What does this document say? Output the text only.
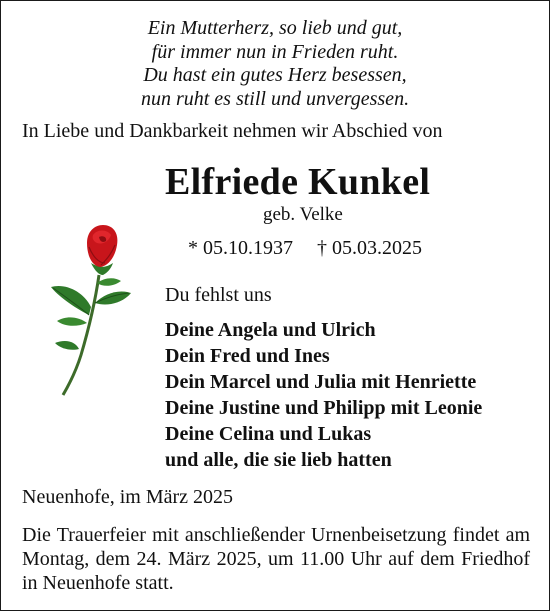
Ein Mutterherz, so lieb und gut,
für immer nun in Frieden ruht.
Du hast ein gutes Herz besessen,
nun ruht es still und unvergessen.
In Liebe und Dankbarkeit nehmen wir Abschied von
Elfriede Kunkel
geb. Velke
* 05.10.1937 † 05.03.2025
Du fehlst uns
Deine Angela und Ulrich
Dein Fred und Ines
Dein Marcel und Julia mit Henriette
Deine Justine und Philipp mit Leonie
Deine Celina und Lukas
und alle, die sie lieb hatten
Neuenhofe, im März 2025
Die Trauerfeier mit anschließender Urnenbeisetzung findet am Montag, dem 24. März 2025, um 11.00 Uhr auf dem Friedhof in Neuenhofe statt.
